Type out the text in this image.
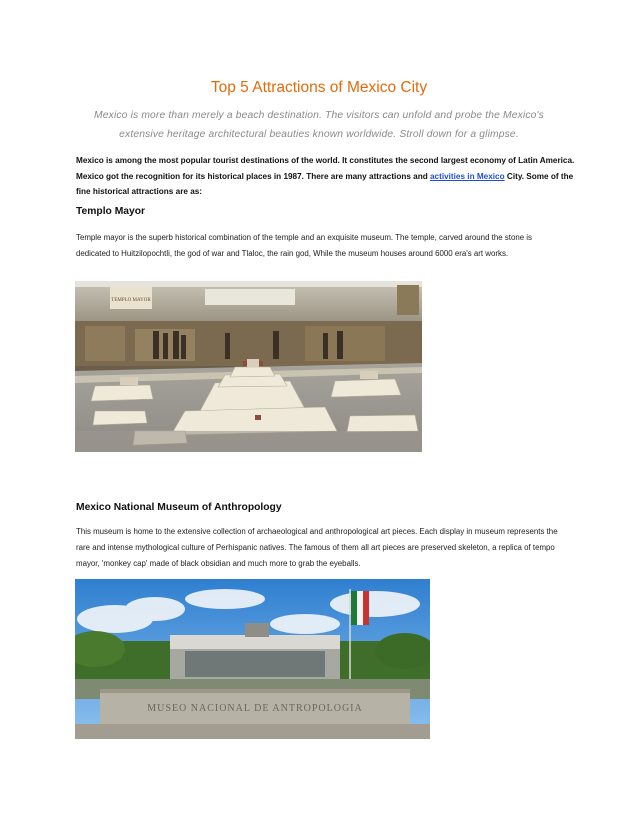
Top 5 Attractions of Mexico City

Mexico is more than merely a beach destination. The visitors can unfold and probe the Mexico's extensive heritage architectural beauties known worldwide. Stroll down for a glimpse.

Mexico is among the most popular tourist destinations of the world. It constitutes the second largest economy of Latin America. Mexico got the recognition for its historical places in 1987. There are many attractions and activities in Mexico City. Some of the fine historical attractions are as:

Templo Mayor

Temple mayor is the superb historical combination of the temple and an exquisite museum. The temple, carved around the stone is dedicated to Huitzilopochtli, the god of war and Tlaloc, the rain god, While the museum houses around 6000 era's art works.

TEMPLO MAYOR
Mexico National Museum of Anthropology

This museum is home to the extensive collection of archaeological and anthropological art pieces. Each display in museum represents the rare and intense mythological culture of Perhispanic natives. The famous of them all art pieces are preserved skeleton, a replica of tempo mayor, 'monkey cap' made of black obsidian and much more to grab the eyeballs.

MUSEO NACIONAL DE ANTROPOLOGIA
